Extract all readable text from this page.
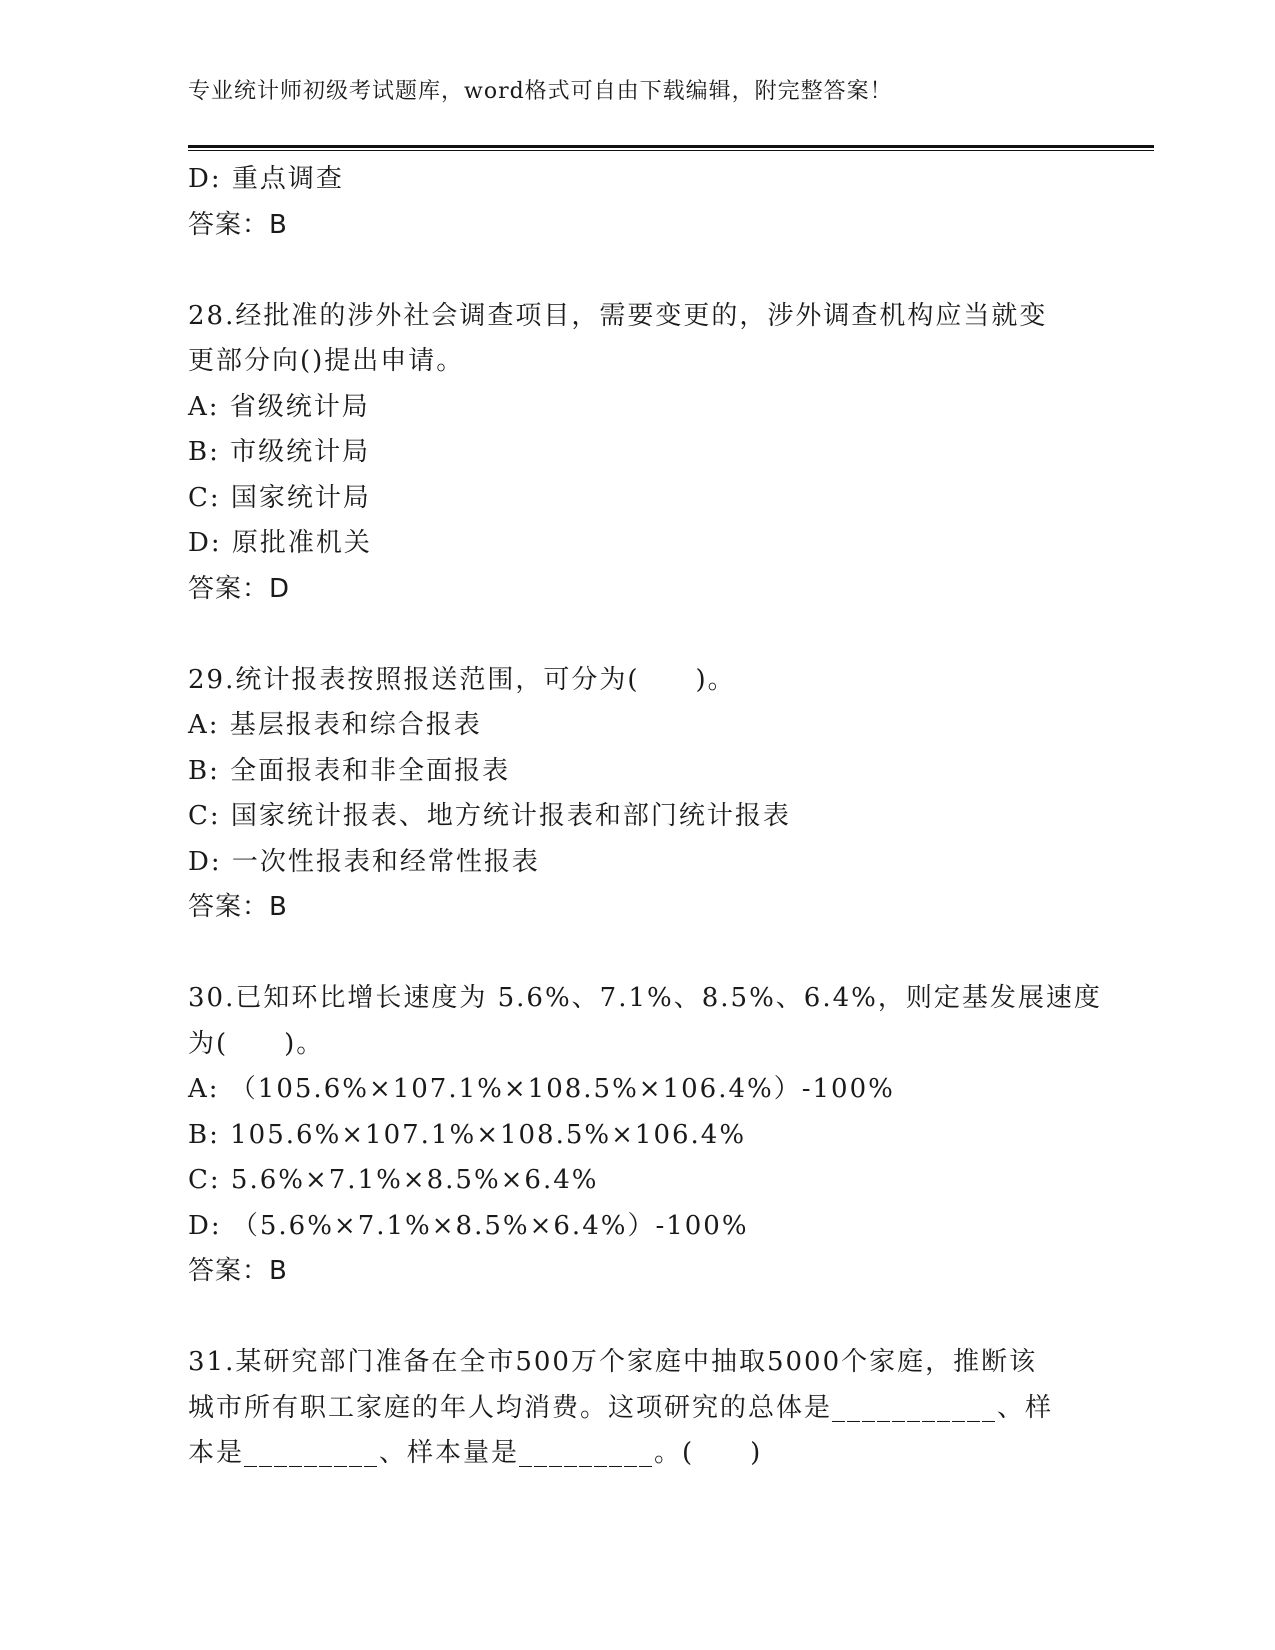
专业统计师初级考试题库，word格式可自由下载编辑，附完整答案！
D: 重点调查
答案：B
28.经批准的涉外社会调查项目，需要变更的，涉外调查机构应当就变
更部分向()提出申请。
A: 省级统计局
B: 市级统计局
C: 国家统计局
D: 原批准机关
答案：D
29.统计报表按照报送范围，可分为(　　)。
A: 基层报表和综合报表
B: 全面报表和非全面报表
C: 国家统计报表、地方统计报表和部门统计报表
D: 一次性报表和经常性报表
答案：B
30.已知环比增长速度为 5.6%、7.1%、8.5%、6.4%，则定基发展速度
为(　　)。
A: （105.6%×107.1%×108.5%×106.4%）-100%
B: 105.6%×107.1%×108.5%×106.4%
C: 5.6%×7.1%×8.5%×6.4%
D: （5.6%×7.1%×8.5%×6.4%）-100%
答案：B
31.某研究部门准备在全市500万个家庭中抽取5000个家庭，推断该
城市所有职工家庭的年人均消费。这项研究的总体是___________、样
本是_________、样本量是_________。(　　)
